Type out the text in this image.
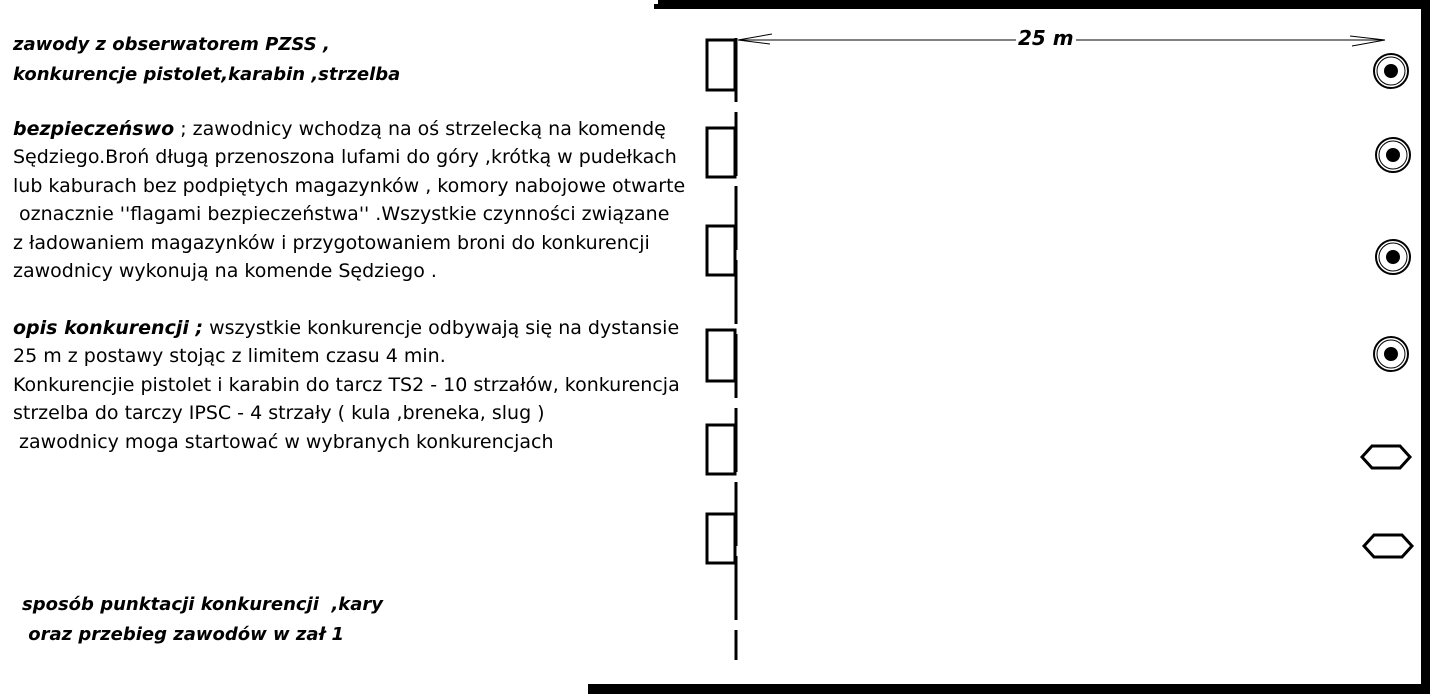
zawody z obserwatorem PZSS ,
konkurencje pistolet,karabin ,strzelba
bezpieczeńswo ; zawodnicy wchodzą na oś strzelecką na komendę
Sędziego.Broń długą przenoszona lufami do góry ,krótką w pudełkach
lub kaburach bez podpiętych magazynków , komory nabojowe otwarte
oznacznie ''flagami bezpieczeństwa'' .Wszystkie czynności związane
z ładowaniem magazynków i przygotowaniem broni do konkurencji
zawodnicy wykonują na komende Sędziego .
opis konkurencji ; wszystkie konkurencje odbywają się na dystansie
25 m z postawy stojąc z limitem czasu 4 min.
Konkurencjie pistolet i karabin do tarcz TS2 - 10 strzałów, konkurencja
strzelba do tarczy IPSC - 4 strzały ( kula ,breneka, slug )
zawodnicy moga startować w wybranych konkurencjach
sposób punktacji konkurencji  ,kary
oraz przebieg zawodów w zał 1
25 m
